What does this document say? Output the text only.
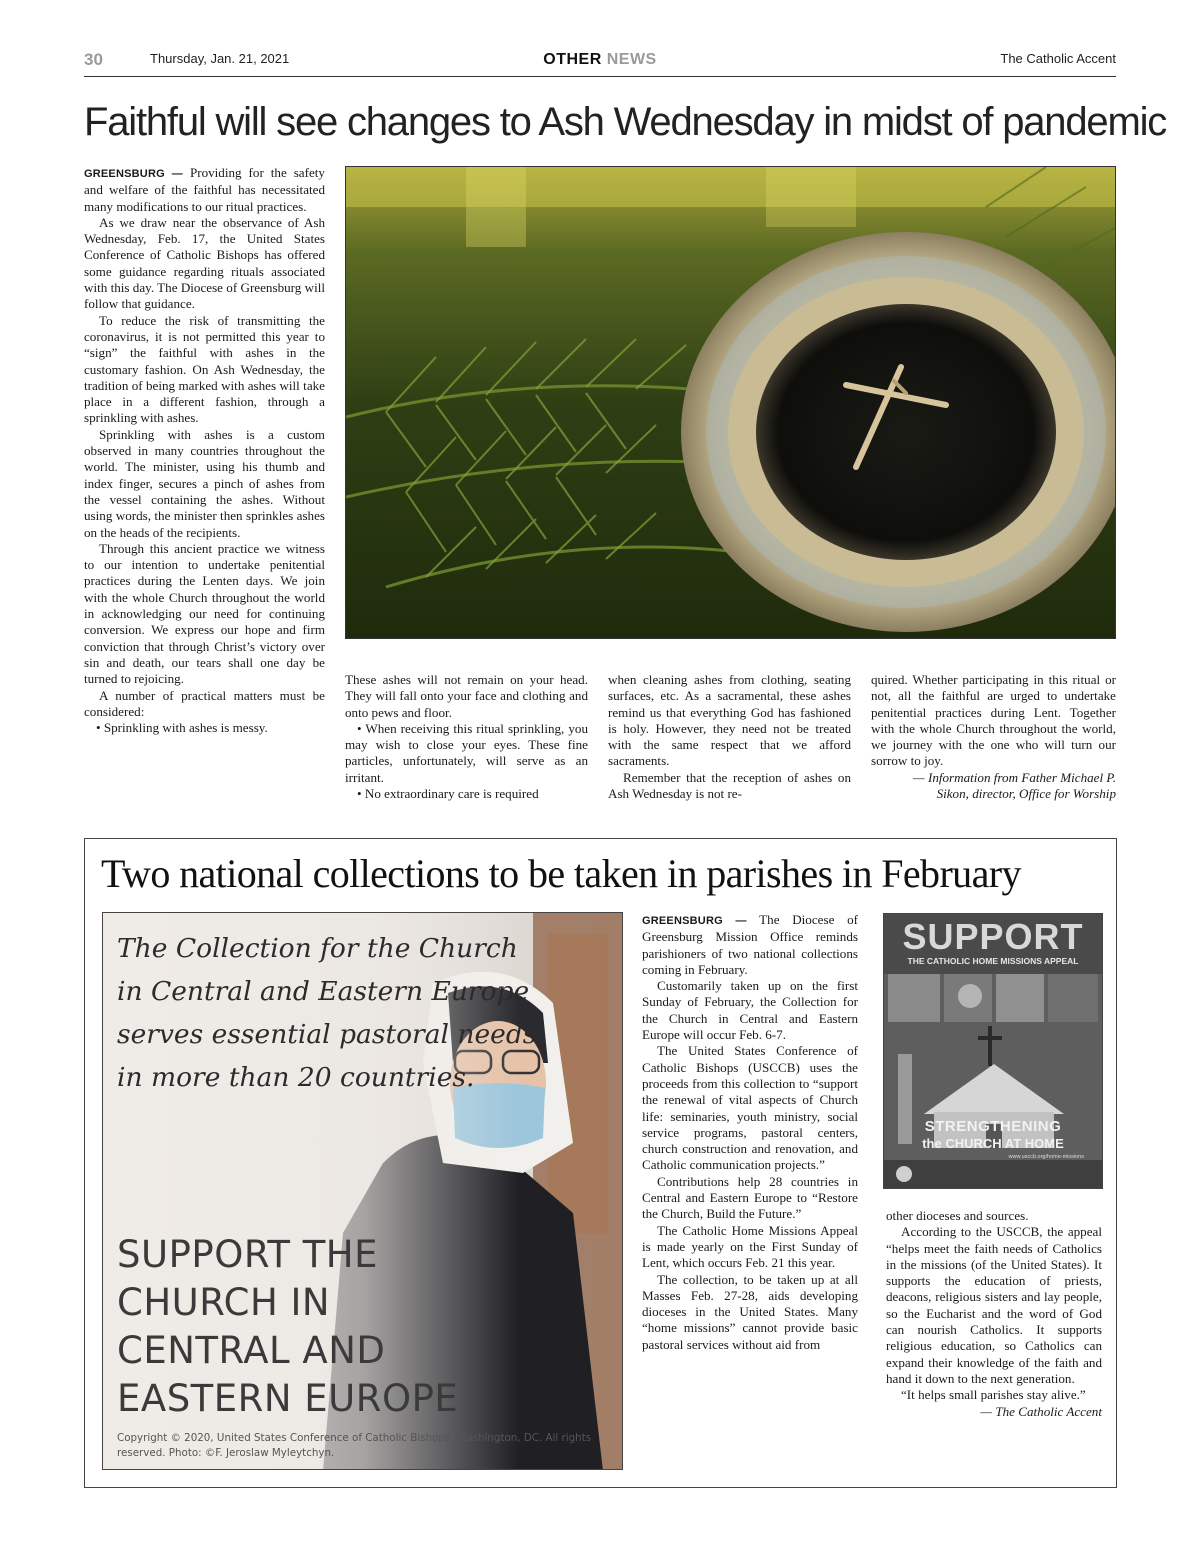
30	Thursday, Jan. 21, 2021	OTHER NEWS	The Catholic Accent
Faithful will see changes to Ash Wednesday in midst of pandemic

GREENSBURG — Providing for the safety and welfare of the faithful has necessitated many modifications to our ritual practices.

As we draw near the observance of Ash Wednesday, Feb. 17, the United States Conference of Catholic Bishops has offered some guidance regarding rituals associated with this day. The Diocese of Greensburg will follow that guidance.

To reduce the risk of transmitting the coronavirus, it is not permitted this year to “sign” the faithful with ashes in the customary fashion. On Ash Wednesday, the tradition of being marked with ashes will take place in a different fashion, through a sprinkling with ashes.

Sprinkling with ashes is a custom observed in many countries throughout the world. The minister, using his thumb and index finger, secures a pinch of ashes from the vessel containing the ashes. Without using words, the minister then sprinkles ashes on the heads of the recipients.

Through this ancient practice we witness to our intention to undertake penitential practices during the Lenten days. We join with the whole Church throughout the world in acknowledging our need for continuing conversion. We express our hope and firm conviction that through Christ’s victory over sin and death, our tears shall one day be turned to rejoicing.

A number of practical matters must be considered:

• Sprinkling with ashes is messy.

These ashes will not remain on your head. They will fall onto your face and clothing and onto pews and floor.

• When receiving this ritual sprinkling, you may wish to close your eyes. These fine particles, unfortunately, will serve as an irritant.

• No extraordinary care is required

when cleaning ashes from clothing, seating surfaces, etc. As a sacramental, these ashes remind us that everything God has fashioned is holy. However, they need not be treated with the same respect that we afford sacraments.

Remember that the reception of ashes on Ash Wednesday is not re-

quired. Whether participating in this ritual or not, all the faithful are urged to undertake penitential practices during Lent. Together with the whole Church throughout the world, we journey with the one who will turn our sorrow to joy.

— Information from Father Michael P.

Sikon, director, Office for Worship

Two national collections to be taken in parishes in February
The Collection for the Church in Central and Eastern Europe serves essential pastoral needs in more than 20 countries.
SUPPORT THE
CHURCH IN
CENTRAL AND
EASTERN EUROPE
Copyright © 2020, United States Conference of Catholic Bishops, Washington, DC. All rights reserved. Photo: ©F. Jeroslaw Myleytchyn.

GREENSBURG — The Diocese of Greensburg Mission Office reminds parishioners of two national collections coming in February.

Customarily taken up on the first Sunday of February, the Collection for the Church in Central and Eastern Europe will occur Feb. 6-7.

The United States Conference of Catholic Bishops (USCCB) uses the proceeds from this collection to “support the renewal of vital aspects of Church life: seminaries, youth ministry, social service programs, pastoral centers, church construction and renovation, and Catholic communication projects.”

Contributions help 28 countries in Central and Eastern Europe to “Restore the Church, Build the Future.”

The Catholic Home Missions Appeal is made yearly on the First Sunday of Lent, which occurs Feb. 21 this year.

The collection, to be taken up at all Masses Feb. 27-28, aids developing dioceses in the United States. Many “home missions” cannot provide basic pastoral services without aid from

SUPPORT
THE CATHOLIC HOME MISSIONS APPEAL
STRENGTHENING
the CHURCH AT HOME
www.usccb.org/home-missions

other dioceses and sources.

According to the USCCB, the appeal “helps meet the faith needs of Catholics in the missions (of the United States). It supports the education of priests, deacons, religious sisters and lay people, so the Eucharist and the word of God can nourish Catholics. It supports religious education, so Catholics can expand their knowledge of the faith and hand it down to the next generation.

“It helps small parishes stay alive.”

— The Catholic Accent
